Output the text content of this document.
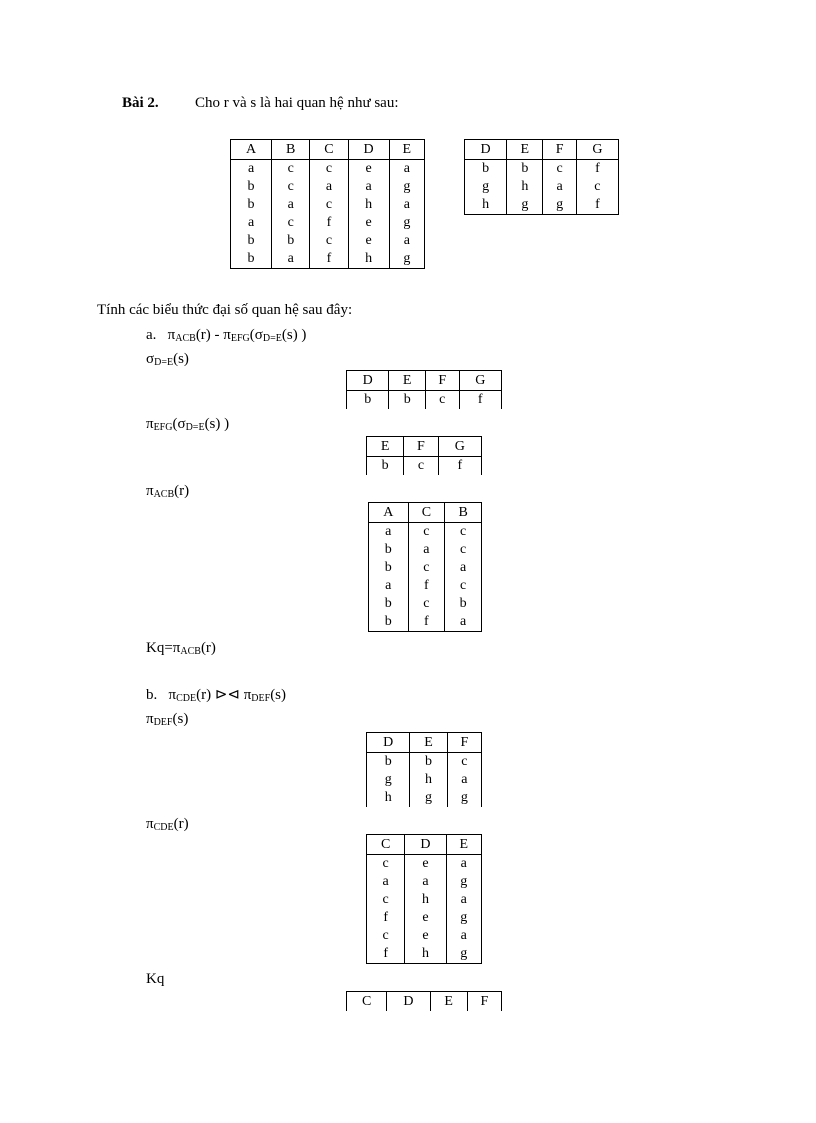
Bài 2. Cho r và s là hai quan hệ như sau:
A	B	C	D	E
a	c	c	e	a
b	c	a	a	g
b	a	c	h	a
a	c	f	e	g
b	b	c	e	a
b	a	f	h	g
D	E	F	G
b	b	c	f
g	h	a	c
h	g	g	f
Tính các biểu thức đại số quan hệ sau đây:
a. $\pi_{ACB}(r) - \pi_{EFG}(\sigma_{D=E}(s)$ )
$\sigma_{D=E}(s)$
D	E	F	G
b	b	c	f
$\pi_{EFG}(\sigma_{D=E}(s)$ )
E	F	G
b	c	f
$\pi_{ACB}(r)$
A	C	B
a	c	c
b	a	c
b	c	a
a	f	c
b	c	b
b	f	a
$Kq=\pi_{ACB}(r)$
b. $\pi_{CDE}(r)$ ⊳⊲ $\pi_{DEF}(s)$
$\pi_{DEF}(s)$
D	E	F
b	b	c
g	h	a
h	g	g
$\pi_{CDE}(r)$
C	D	E
c	e	a
a	a	g
c	h	a
f	e	g
c	e	a
f	h	g
Kq
C	D	E	F
